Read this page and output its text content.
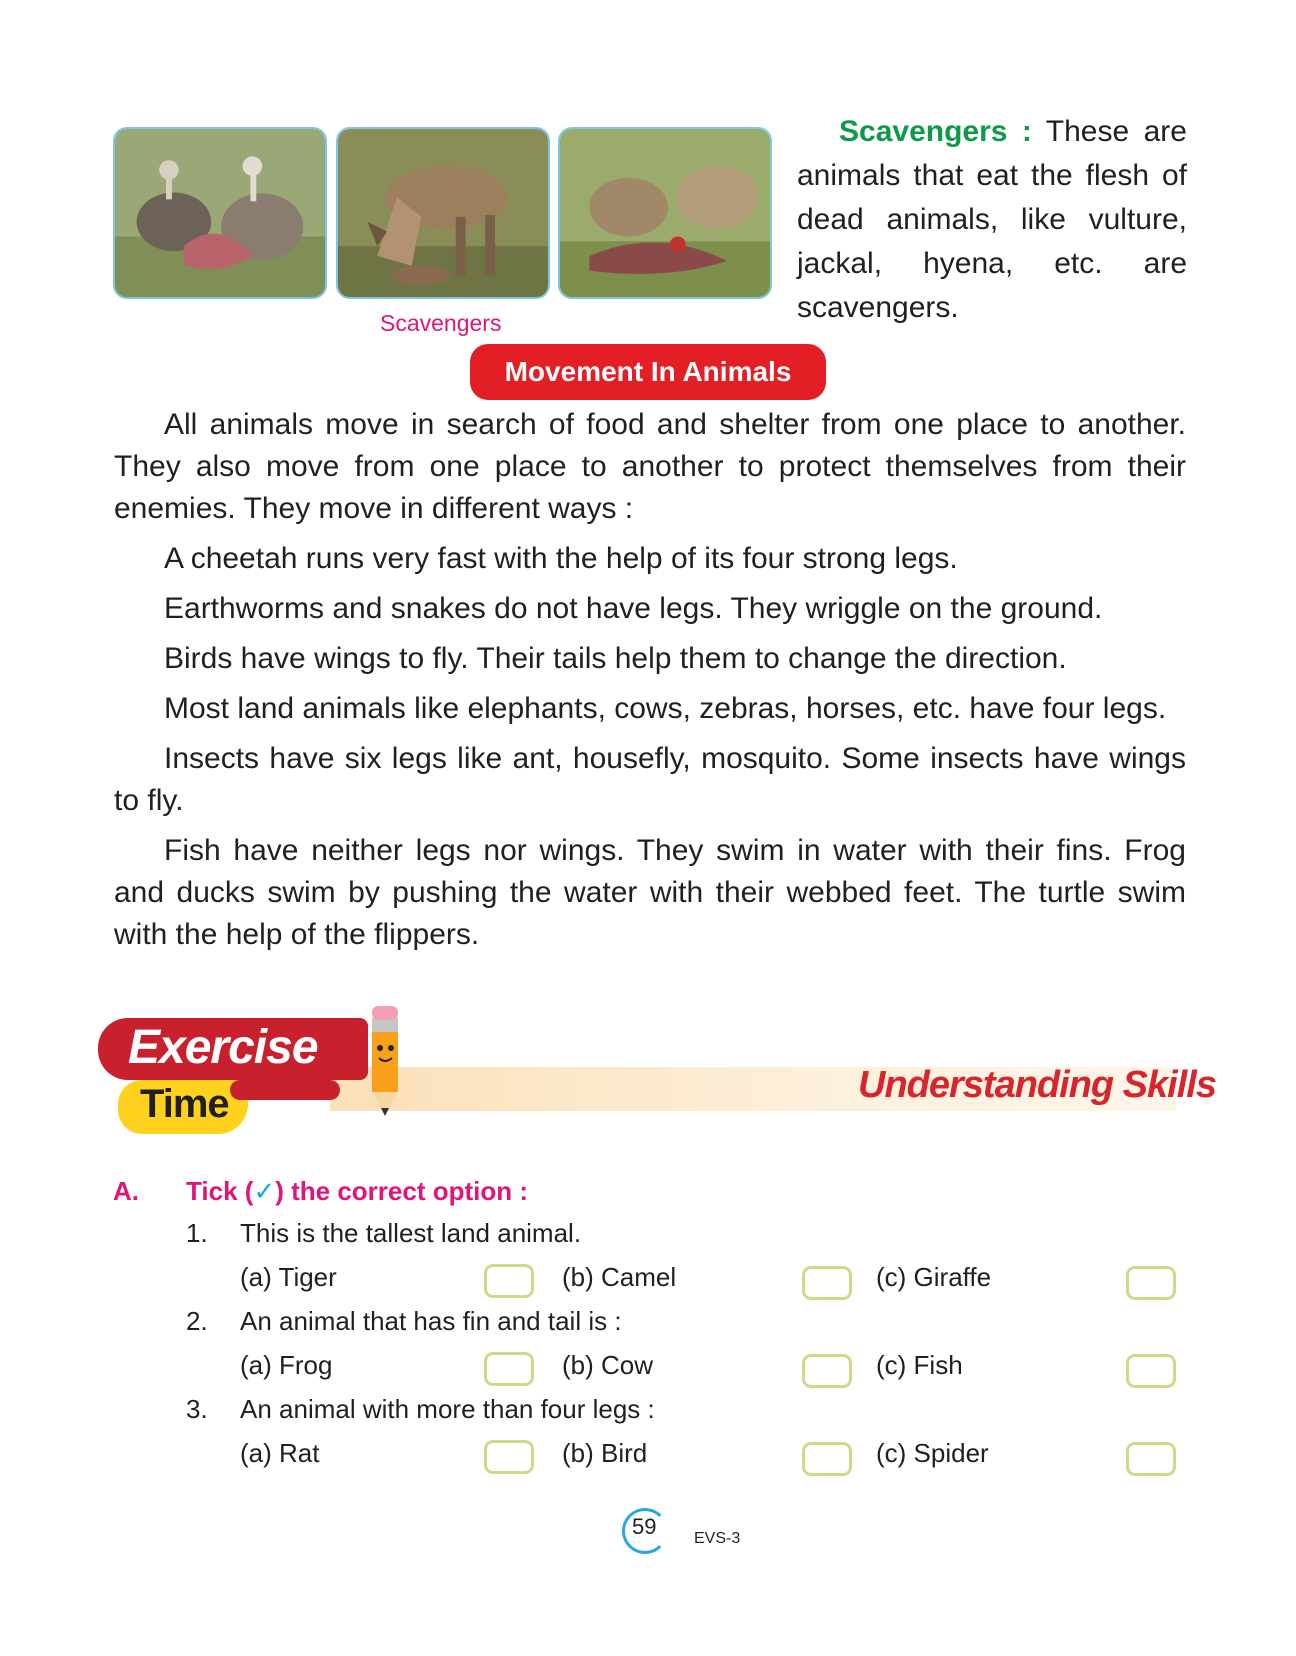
Scavengers

Scavengers : These are animals that eat the flesh of dead animals, like vulture, jackal, hyena, etc. are scavengers.

Movement In Animals

All animals move in search of food and shelter from one place to another. They also move from one place to another to protect themselves from their enemies. They move in different ways :

A cheetah runs very fast with the help of its four strong legs.

Earthworms and snakes do not have legs. They wriggle on the ground.

Birds have wings to fly. Their tails help them to change the direction.

Most land animals like elephants, cows, zebras, horses, etc. have four legs.

Insects have six legs like ant, housefly, mosquito. Some insects have wings to fly.

Fish have neither legs nor wings. They swim in water with their fins. Frog and ducks swim by pushing the water with their webbed feet. The turtle swim with the help of the flippers.

Understanding Skills
Exercise
Time
A. Tick (✓) the correct option :
1. This is the tallest land animal.
(a) Tiger	(b) Camel	(c) Giraffe
2. An animal that has fin and tail is :
(a) Frog	(b) Cow	(c) Fish
3. An animal with more than four legs :
(a) Rat	(b) Bird	(c) Spider
59 EVS-3
